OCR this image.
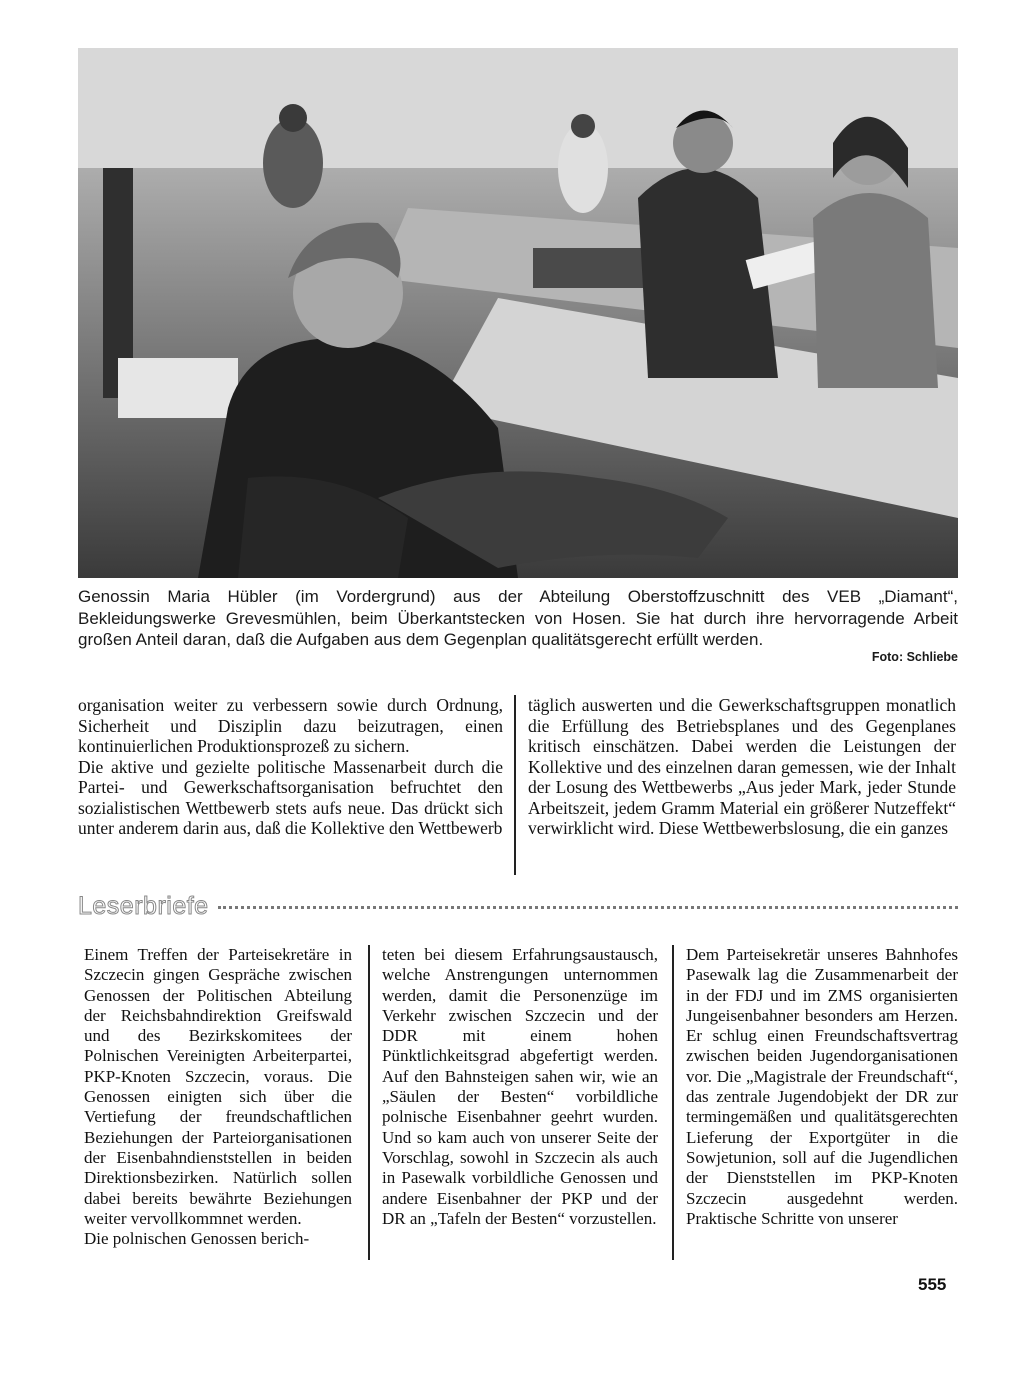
Genossin Maria Hübler (im Vordergrund) aus der Abteilung Oberstoffzuschnitt des VEB „Diamant“, Bekleidungswerke Grevesmühlen, beim Überkantstecken von Hosen. Sie hat durch ihre hervorragende Arbeit großen Anteil daran, daß die Aufgaben aus dem Gegenplan qualitätsgerecht erfüllt werden.
Foto: Schliebe

organisation weiter zu verbessern sowie durch Ordnung, Sicherheit und Disziplin dazu beizutragen, einen kontinuierlichen Produktionsprozeß zu sichern.

Die aktive und gezielte politische Massenarbeit durch die Partei- und Gewerkschaftsorganisation befruchtet den sozialistischen Wettbewerb stets aufs neue. Das drückt sich unter anderem darin aus, daß die Kollektive den Wettbewerb

täglich auswerten und die Gewerkschaftsgruppen monatlich die Erfüllung des Betriebsplanes und des Gegenplanes kritisch einschätzen. Dabei werden die Leistungen der Kollektive und des einzelnen daran gemessen, wie der Inhalt der Losung des Wettbewerbs „Aus jeder Mark, jeder Stunde Arbeitszeit, jedem Gramm Material ein größerer Nutzeffekt“ verwirklicht wird. Diese Wettbewerbslosung, die ein ganzes

Leserbriefe

Einem Treffen der Parteisekretäre in Szczecin gingen Gespräche zwischen Genossen der Politischen Abteilung der Reichsbahndirektion Greifswald und des Bezirkskomitees der Polnischen Vereinigten Arbeiterpartei, PKP-Knoten Szczecin, voraus. Die Genossen einigten sich über die Vertiefung der freundschaftlichen Beziehungen der Parteiorganisationen der Eisenbahndienststellen in beiden Direktionsbezirken. Natürlich sollen dabei bereits bewährte Beziehungen weiter vervollkommnet werden.

Die polnischen Genossen berich-

teten bei diesem Erfahrungsaustausch, welche Anstrengungen unternommen werden, damit die Personenzüge im Verkehr zwischen Szczecin und der DDR mit einem hohen Pünktlichkeitsgrad abgefertigt werden. Auf den Bahnsteigen sahen wir, wie an „Säulen der Besten“ vorbildliche polnische Eisenbahner geehrt wurden. Und so kam auch von unserer Seite der Vorschlag, sowohl in Szczecin als auch in Pasewalk vorbildliche Genossen und andere Eisenbahner der PKP und der DR an „Tafeln der Besten“ vorzustellen.

Dem Parteisekretär unseres Bahnhofes Pasewalk lag die Zusammenarbeit der in der FDJ und im ZMS organisierten Jungeisenbahner besonders am Herzen. Er schlug einen Freundschaftsvertrag zwischen beiden Jugendorganisationen vor. Die „Magistrale der Freundschaft“, das zentrale Jugendobjekt der DR zur termingemäßen und qualitätsgerechten Lieferung der Exportgüter in die Sowjetunion, soll auf die Jugendlichen der Dienststellen im PKP-Knoten Szczecin ausgedehnt werden. Praktische Schritte von unserer

555
